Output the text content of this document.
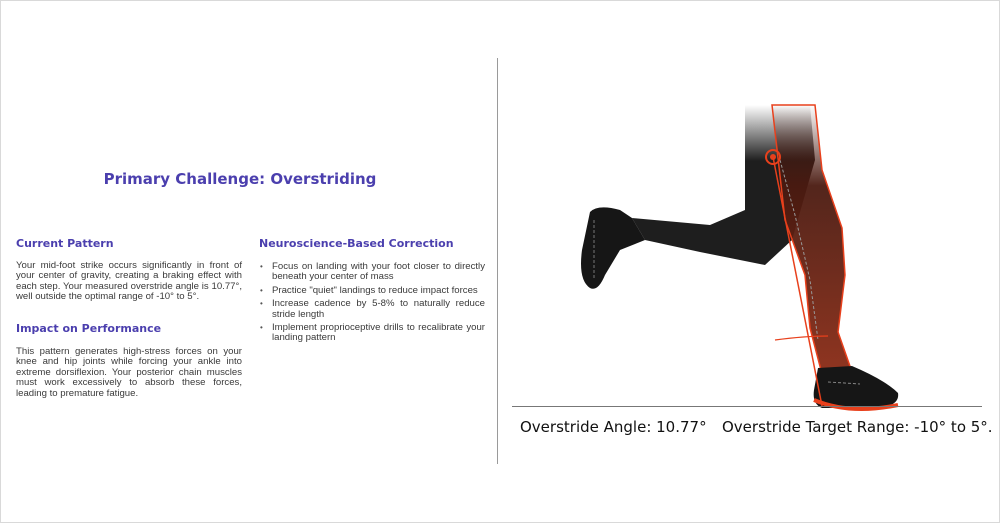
Primary Challenge: Overstriding
Current Pattern

Your mid-foot strike occurs significantly in front of your center of gravity, creating a braking effect with each step. Your measured overstride angle is 10.77°, well outside the optimal range of -10° to 5°.

Impact on Performance

This pattern generates high-stress forces on your knee and hip joints while forcing your ankle into extreme dorsiflexion. Your posterior chain muscles must work excessively to absorb these forces, leading to premature fatigue.

Neuroscience-Based Correction
• Focus on landing with your foot closer to directly beneath your center of mass
• Practice "quiet" landings to reduce impact forces
• Increase cadence by 5-8% to naturally reduce stride length
• Implement proprioceptive drills to recalibrate your landing pattern
Overstride Angle: 10.77° Overstride Target Range: -10° to 5°.
